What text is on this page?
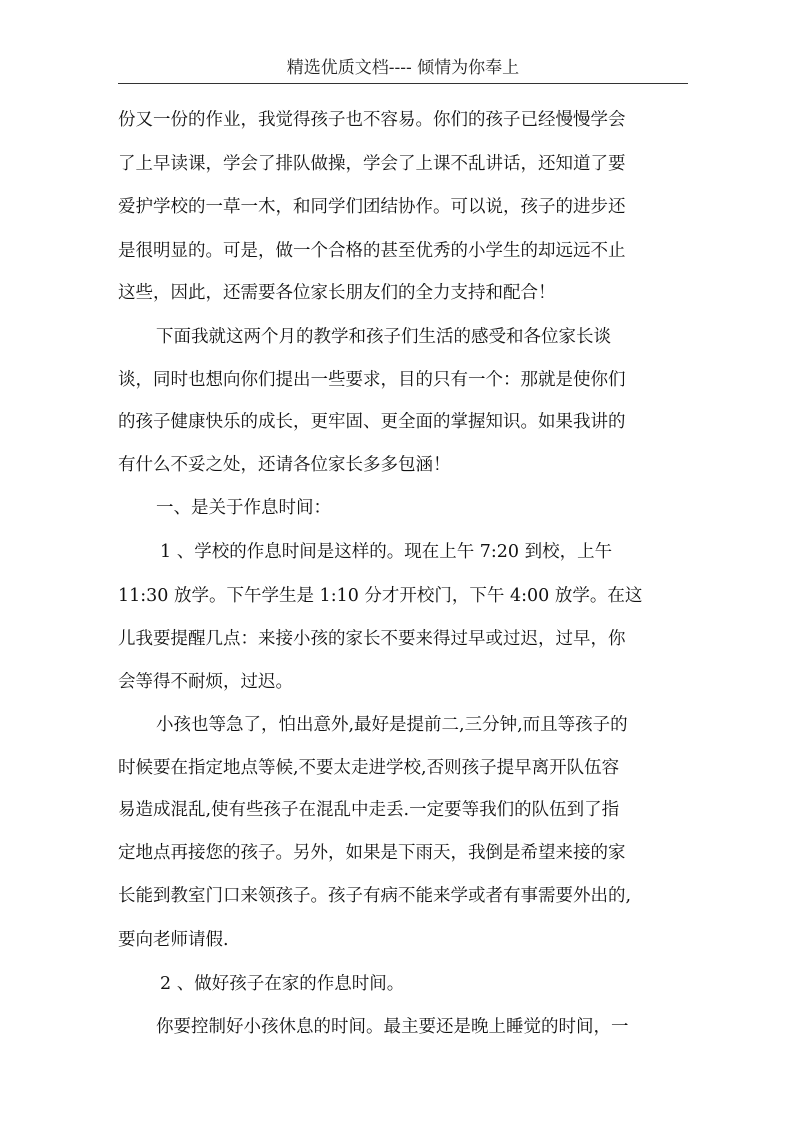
精选优质文档---- 倾情为你奉上
份又一份的作业，我觉得孩子也不容易。你们的孩子已经慢慢学会
了上早读课，学会了排队做操，学会了上课不乱讲话，还知道了要
爱护学校的一草一木，和同学们团结协作。可以说，孩子的进步还
是很明显的。可是，做一个合格的甚至优秀的小学生的却远远不止
这些，因此，还需要各位家长朋友们的全力支持和配合！
下面我就这两个月的教学和孩子们生活的感受和各位家长谈
谈，同时也想向你们提出一些要求，目的只有一个：那就是使你们
的孩子健康快乐的成长，更牢固、更全面的掌握知识。如果我讲的
有什么不妥之处，还请各位家长多多包涵！
一、是关于作息时间：
1 、学校的作息时间是这样的。现在上午 7:20 到校，上午
11:30 放学。下午学生是 1:10 分才开校门，下午 4:00 放学。在这
儿我要提醒几点：来接小孩的家长不要来得过早或过迟，过早，你
会等得不耐烦，过迟。
小孩也等急了，怕出意外,最好是提前二,三分钟,而且等孩子的
时候要在指定地点等候,不要太走进学校,否则孩子提早离开队伍容
易造成混乱,使有些孩子在混乱中走丢.一定要等我们的队伍到了指
定地点再接您的孩子。另外，如果是下雨天，我倒是希望来接的家
长能到教室门口来领孩子。孩子有病不能来学或者有事需要外出的,
要向老师请假.
2 、做好孩子在家的作息时间。
你要控制好小孩休息的时间。最主要还是晚上睡觉的时间，一
